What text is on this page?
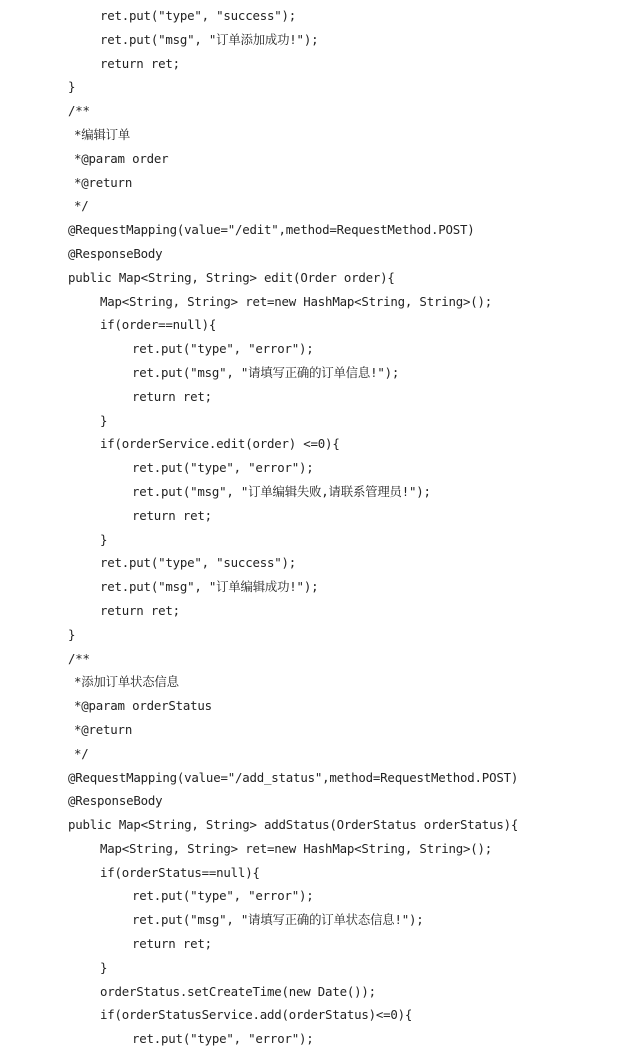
ret.put("type", "success");
ret.put("msg", "订单添加成功!");
return ret;
}
/**
*编辑订单
*@param order
*@return
*/
@RequestMapping(value="/edit",method=RequestMethod.POST)
@ResponseBody
public Map<String, String> edit(Order order){
Map<String, String> ret=new HashMap<String, String>();
if(order==null){
ret.put("type", "error");
ret.put("msg", "请填写正确的订单信息!");
return ret;
}
if(orderService.edit(order) <=0){
ret.put("type", "error");
ret.put("msg", "订单编辑失败,请联系管理员!");
return ret;
}
ret.put("type", "success");
ret.put("msg", "订单编辑成功!");
return ret;
}
/**
*添加订单状态信息
*@param orderStatus
*@return
*/
@RequestMapping(value="/add_status",method=RequestMethod.POST)
@ResponseBody
public Map<String, String> addStatus(OrderStatus orderStatus){
Map<String, String> ret=new HashMap<String, String>();
if(orderStatus==null){
ret.put("type", "error");
ret.put("msg", "请填写正确的订单状态信息!");
return ret;
}
orderStatus.setCreateTime(new Date());
if(orderStatusService.add(orderStatus)<=0){
ret.put("type", "error");
